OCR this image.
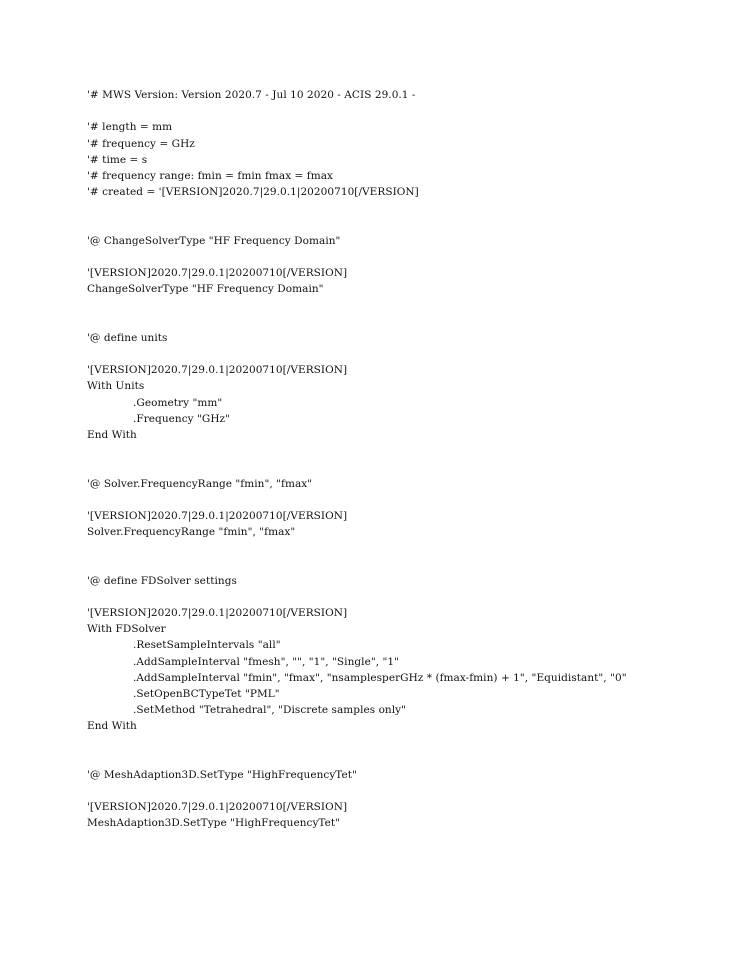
'# MWS Version: Version 2020.7 - Jul 10 2020 - ACIS 29.0.1 -
'# length = mm
'# frequency = GHz
'# time = s
'# frequency range: fmin = fmin fmax = fmax
'# created = '[VERSION]2020.7|29.0.1|20200710[/VERSION]
'@ ChangeSolverType "HF Frequency Domain"
'[VERSION]2020.7|29.0.1|20200710[/VERSION]
ChangeSolverType "HF Frequency Domain"
'@ define units
'[VERSION]2020.7|29.0.1|20200710[/VERSION]
With Units
.Geometry "mm"
.Frequency "GHz"
End With
'@ Solver.FrequencyRange "fmin", "fmax"
'[VERSION]2020.7|29.0.1|20200710[/VERSION]
Solver.FrequencyRange "fmin", "fmax"
'@ define FDSolver settings
'[VERSION]2020.7|29.0.1|20200710[/VERSION]
With FDSolver
.ResetSampleIntervals "all"
.AddSampleInterval "fmesh", "", "1", "Single", "1"
.AddSampleInterval "fmin", "fmax", "nsamplesperGHz * (fmax-fmin) + 1", "Equidistant", "0"
.SetOpenBCTypeTet "PML"
.SetMethod "Tetrahedral", "Discrete samples only"
End With
'@ MeshAdaption3D.SetType "HighFrequencyTet"
'[VERSION]2020.7|29.0.1|20200710[/VERSION]
MeshAdaption3D.SetType "HighFrequencyTet"
